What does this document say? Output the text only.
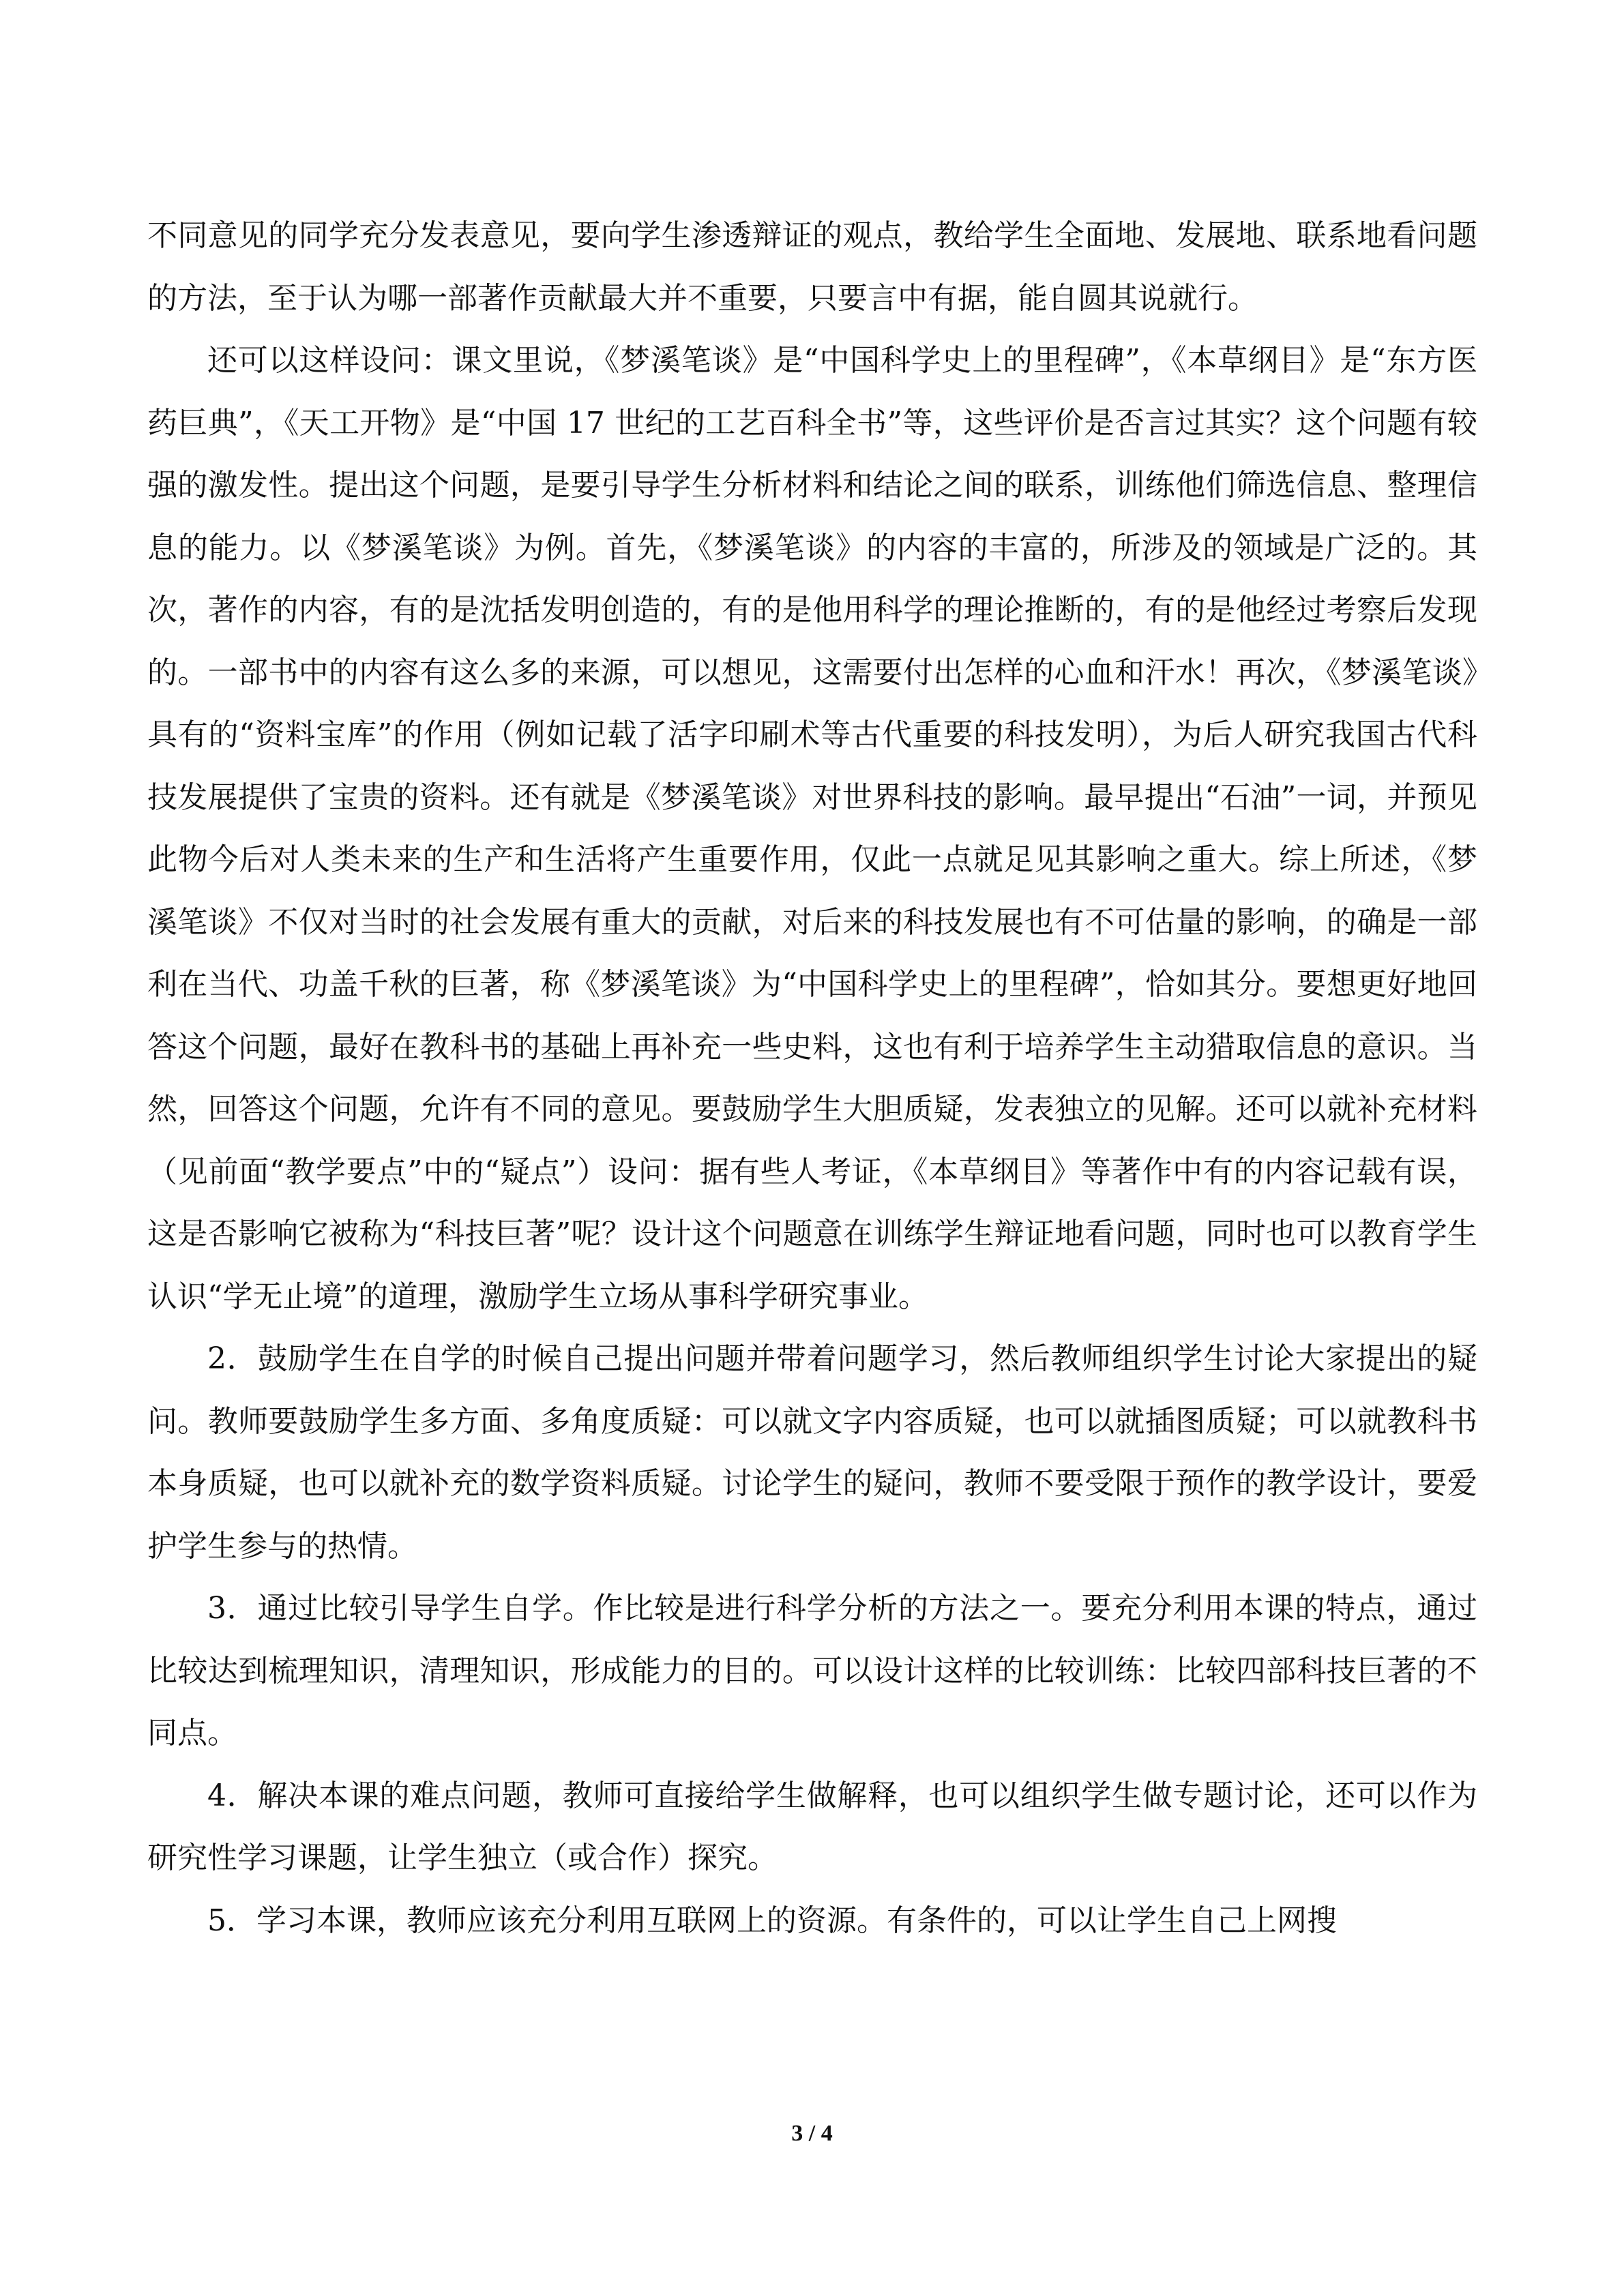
不同意见的同学充分发表意见，要向学生渗透辩证的观点，教给学生全面地、发展地、联系地看问题的方法，至于认为哪一部著作贡献最大并不重要，只要言中有据，能自圆其说就行。

还可以这样设问：课文里说，《梦溪笔谈》是“中国科学史上的里程碑”，《本草纲目》是“东方医药巨典”，《天工开物》是“中国 17 世纪的工艺百科全书”等，这些评价是否言过其实？这个问题有较强的激发性。提出这个问题，是要引导学生分析材料和结论之间的联系，训练他们筛选信息、整理信息的能力。以《梦溪笔谈》为例。首先，《梦溪笔谈》的内容的丰富的，所涉及的领域是广泛的。其次，著作的内容，有的是沈括发明创造的，有的是他用科学的理论推断的，有的是他经过考察后发现的。一部书中的内容有这么多的来源，可以想见，这需要付出怎样的心血和汗水！再次，《梦溪笔谈》具有的“资料宝库”的作用（例如记载了活字印刷术等古代重要的科技发明），为后人研究我国古代科技发展提供了宝贵的资料。还有就是《梦溪笔谈》对世界科技的影响。最早提出“石油”一词，并预见此物今后对人类未来的生产和生活将产生重要作用，仅此一点就足见其影响之重大。综上所述，《梦溪笔谈》不仅对当时的社会发展有重大的贡献，对后来的科技发展也有不可估量的影响，的确是一部利在当代、功盖千秋的巨著，称《梦溪笔谈》为“中国科学史上的里程碑”，恰如其分。要想更好地回答这个问题，最好在教科书的基础上再补充一些史料，这也有利于培养学生主动猎取信息的意识。当然，回答这个问题，允许有不同的意见。要鼓励学生大胆质疑，发表独立的见解。还可以就补充材料（见前面“教学要点”中的“疑点”）设问：据有些人考证，《本草纲目》等著作中有的内容记载有误，这是否影响它被称为“科技巨著”呢？设计这个问题意在训练学生辩证地看问题，同时也可以教育学生认识“学无止境”的道理，激励学生立场从事科学研究事业。

2．鼓励学生在自学的时候自己提出问题并带着问题学习，然后教师组织学生讨论大家提出的疑问。教师要鼓励学生多方面、多角度质疑：可以就文字内容质疑，也可以就插图质疑；可以就教科书本身质疑，也可以就补充的数学资料质疑。讨论学生的疑问，教师不要受限于预作的教学设计，要爱护学生参与的热情。

3．通过比较引导学生自学。作比较是进行科学分析的方法之一。要充分利用本课的特点，通过比较达到梳理知识，清理知识，形成能力的目的。可以设计这样的比较训练：比较四部科技巨著的不同点。

4．解决本课的难点问题，教师可直接给学生做解释，也可以组织学生做专题讨论，还可以作为研究性学习课题，让学生独立（或合作）探究。

5．学习本课，教师应该充分利用互联网上的资源。有条件的，可以让学生自己上网搜

3 / 4
